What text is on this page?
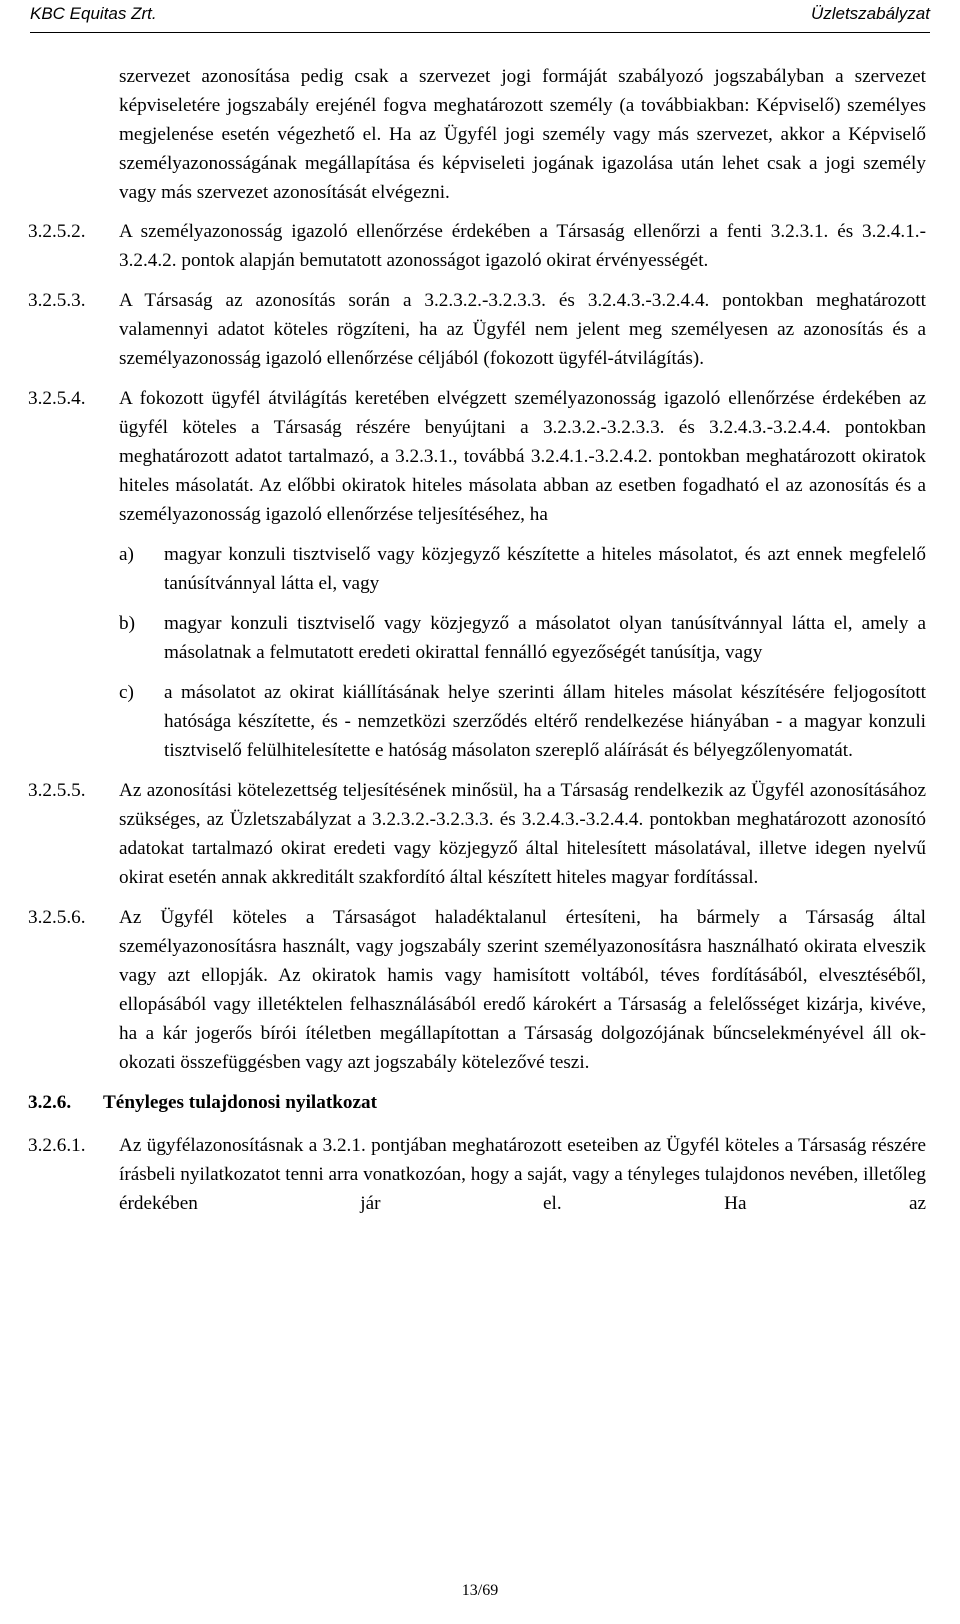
KBC Equitas Zrt.	Üzletszabályzat

szervezet azonosítása pedig csak a szervezet jogi formáját szabályozó jogszabályban a szervezet képviseletére jogszabály erejénél fogva meghatározott személy (a továbbiakban: Képviselő) személyes megjelenése esetén végezhető el. Ha az Ügyfél jogi személy vagy más szervezet, akkor a Képviselő személyazonosságának megállapítása és képviseleti jogának igazolása után lehet csak a jogi személy vagy más szervezet azonosítását elvégezni.

3.2.5.2.	A személyazonosság igazoló ellenőrzése érdekében a Társaság ellenőrzi a fenti 3.2.3.1. és 3.2.4.1.- 3.2.4.2. pontok alapján bemutatott azonosságot igazoló okirat érvényességét.
3.2.5.3.	A Társaság az azonosítás során a 3.2.3.2.-3.2.3.3. és 3.2.4.3.-3.2.4.4. pontokban meghatározott valamennyi adatot köteles rögzíteni, ha az Ügyfél nem jelent meg személyesen az azonosítás és a személyazonosság igazoló ellenőrzése céljából (fokozott ügyfél-átvilágítás).
3.2.5.4.	A fokozott ügyfél átvilágítás keretében elvégzett személyazonosság igazoló ellenőrzése érdekében az ügyfél köteles a Társaság részére benyújtani a 3.2.3.2.-3.2.3.3. és 3.2.4.3.-3.2.4.4. pontokban meghatározott adatot tartalmazó, a 3.2.3.1., továbbá 3.2.4.1.-3.2.4.2. pontokban meghatározott okiratok hiteles másolatát. Az előbbi okiratok hiteles másolata abban az esetben fogadható el az azonosítás és a személyazonosság igazoló ellenőrzése teljesítéséhez, ha
a)	magyar konzuli tisztviselő vagy közjegyző készítette a hiteles másolatot, és azt ennek megfelelő tanúsítvánnyal látta el, vagy
b)	magyar konzuli tisztviselő vagy közjegyző a másolatot olyan tanúsítvánnyal látta el, amely a másolatnak a felmutatott eredeti okirattal fennálló egyezőségét tanúsítja, vagy
c)	a másolatot az okirat kiállításának helye szerinti állam hiteles másolat készítésére feljogosított hatósága készítette, és - nemzetközi szerződés eltérő rendelkezése hiányában - a magyar konzuli tisztviselő felülhitelesítette e hatóság másolaton szereplő aláírását és bélyegzőlenyomatát.
3.2.5.5.	Az azonosítási kötelezettség teljesítésének minősül, ha a Társaság rendelkezik az Ügyfél azonosításához szükséges, az Üzletszabályzat a 3.2.3.2.-3.2.3.3. és 3.2.4.3.-3.2.4.4. pontokban meghatározott azonosító adatokat tartalmazó okirat eredeti vagy közjegyző által hitelesített másolatával, illetve idegen nyelvű okirat esetén annak akkreditált szakfordító által készített hiteles magyar fordítással.
3.2.5.6.	Az Ügyfél köteles a Társaságot haladéktalanul értesíteni, ha bármely a Társaság által személyazonosításra használt, vagy jogszabály szerint személyazonosításra használható okirata elveszik vagy azt ellopják. Az okiratok hamis vagy hamisított voltából, téves fordításából, elvesztéséből, ellopásából vagy illetéktelen felhasználásából eredő károkért a Társaság a felelősséget kizárja, kivéve, ha a kár jogerős bírói ítéletben megállapítottan a Társaság dolgozójának bűncselekményével áll ok-okozati összefüggésben vagy azt jogszabály kötelezővé teszi.
3.2.6.	Tényleges tulajdonosi nyilatkozat
3.2.6.1.	Az ügyfélazonosításnak a 3.2.1. pontjában meghatározott eseteiben az Ügyfél köteles a Társaság részére írásbeli nyilatkozatot tenni arra vonatkozóan, hogy a saját, vagy a tényleges tulajdonos nevében, illetőleg érdekében jár el. Ha az
13/69
